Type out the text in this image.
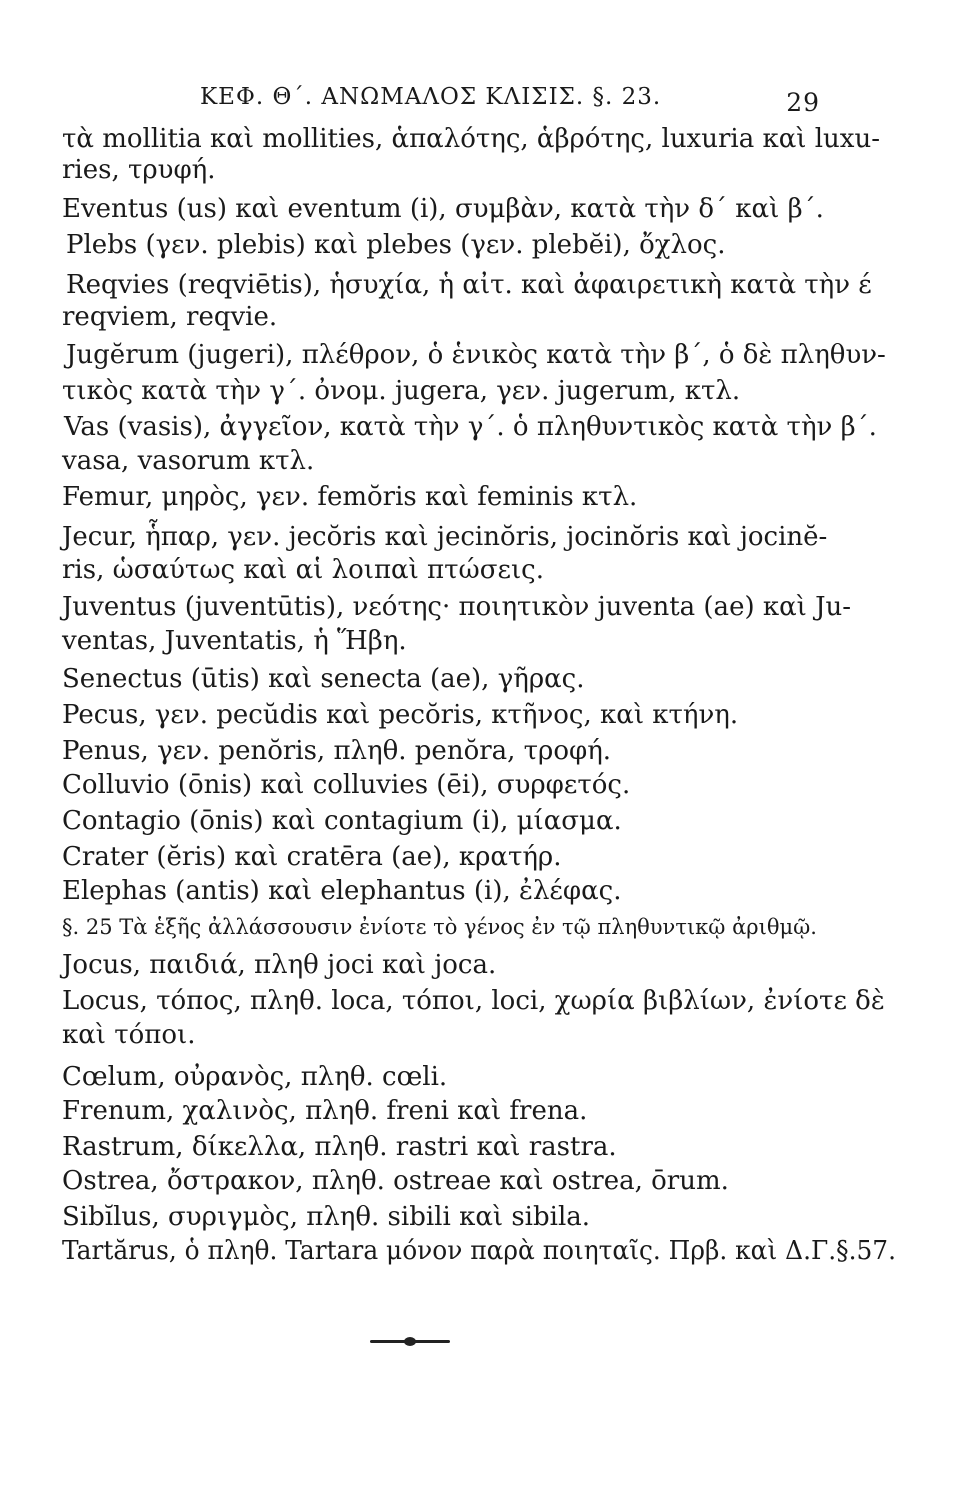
ΚΕΦ. Θ΄. ΑΝΩΜΑΛΟΣ ΚΛΙΣΙΣ. §. 23.	29
τὰ mollitia καὶ mollities, ἁπαλότης, ἁβρότης, luxuria καὶ luxu-
ries, τρυφή.
Eventus (us) καὶ eventum (i), συμβὰν, κατὰ τὴν δ΄ καὶ β΄.
Plebs (γεν. plebis) καὶ plebes (γεν. plebĕi), ὄχλος.
Reqvies (reqviētis), ἡσυχία, ἡ αἰτ. καὶ ἀφαιρετικὴ κατὰ τὴν έ
reqviem, reqvie.
Jugĕrum (jugeri), πλέθρον, ὁ ἑνικὸς κατὰ τὴν β΄, ὁ δὲ πληθυν-
τικὸς κατὰ τὴν γ΄. ὀνομ. jugera, γεν. jugerum, κτλ.
Vas (vasis), ἀγγεῖον, κατὰ τὴν γ΄. ὁ πληθυντικὸς κατὰ τὴν β΄.
vasa, vasorum κτλ.
Femur, μηρὸς, γεν. femŏris καὶ feminis κτλ.
Jecur, ἧπαρ, γεν. jecŏris καὶ jecinŏris, jocinŏris καὶ jocinĕ-
ris, ὡσαύτως καὶ αἱ λοιπαὶ πτώσεις.
Juventus (juventūtis), νεότης· ποιητικὸν juventa (ae) καὶ Ju-
ventas, Juventatis, ἡ Ἥβη.
Senectus (ūtis) καὶ senecta (ae), γῆρας.
Pecus, γεν. pecŭdis καὶ pecŏris, κτῆνος, καὶ κτήνη.
Penus, γεν. penŏris, πληθ. penŏra, τροφή.
Colluvio (ōnis) καὶ colluvies (ēi), συρφετός.
Contagio (ōnis) καὶ contagium (i), μίασμα.
Crater (ĕris) καὶ cratēra (ae), κρατήρ.
Elephas (antis) καὶ elephantus (i), ἐλέφας.
§. 25 Τὰ ἑξῆς ἀλλάσσουσιν ἐνίοτε τὸ γένος ἐν τῷ πληθυντικῷ ἀριθμῷ.
Jocus, παιδιά, πληθ joci καὶ joca.
Locus, τόπος, πληθ. loca, τόποι, loci, χωρία βιβλίων, ἐνίοτε δὲ
καὶ τόποι.
Cœlum, οὐρανὸς, πληθ. cœli.
Frenum, χαλινὸς, πληθ. freni καὶ frena.
Rastrum, δίκελλα, πληθ. rastri καὶ rastra.
Ostrea, ὄστρακον, πληθ. ostreae καὶ ostrea, ōrum.
Sibĭlus, συριγμὸς, πληθ. sibili καὶ sibila.
Tartărus, ὁ πληθ. Tartara μόνον παρὰ ποιηταῖς. Πρβ. καὶ Δ.Γ.§.57.
